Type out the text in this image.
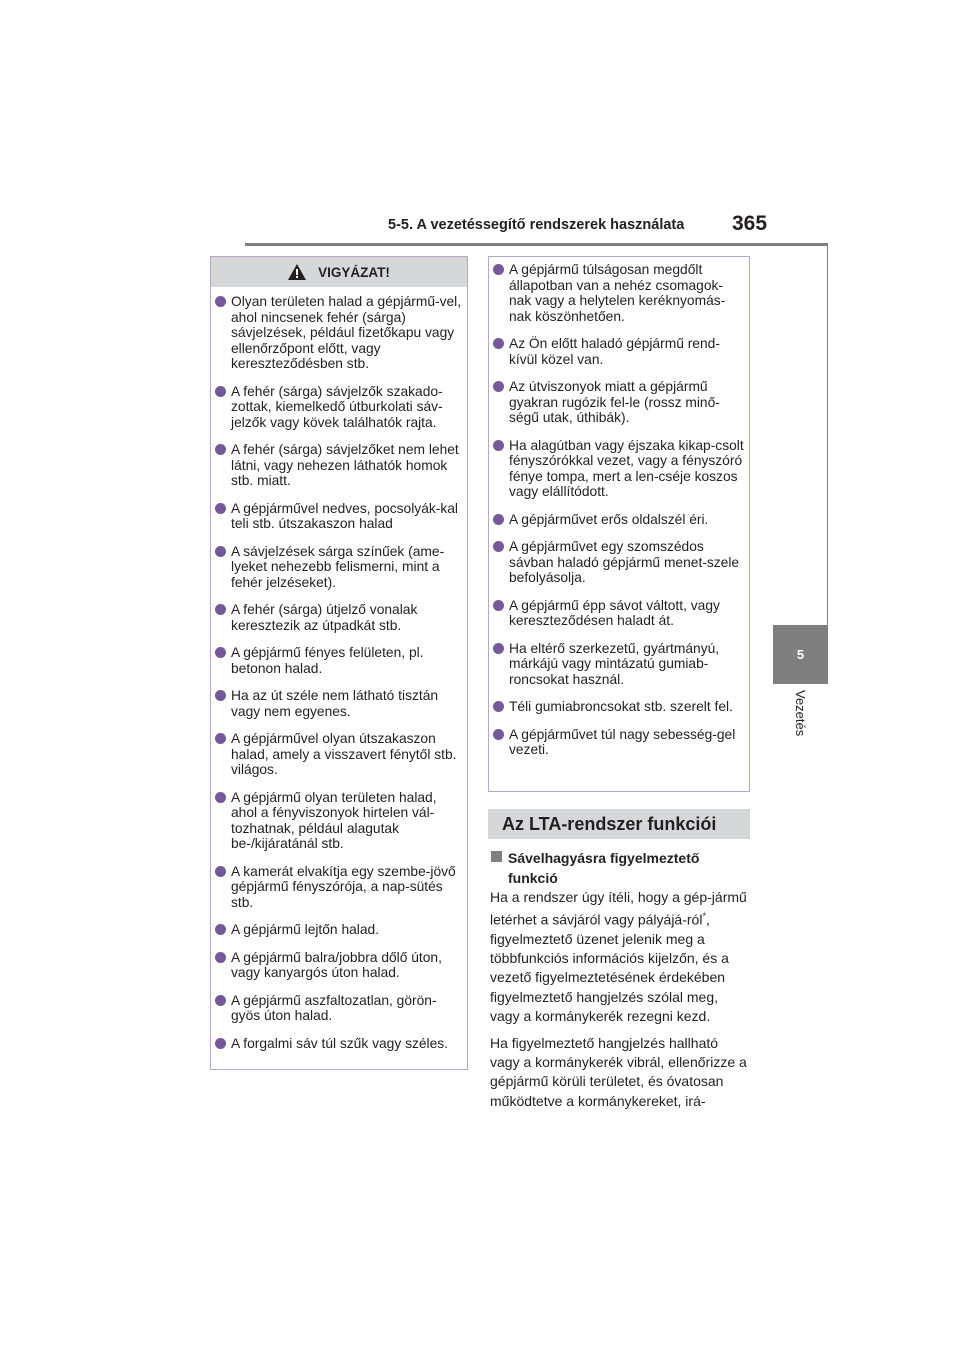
5-5. A vezetéssegítő rendszerek használata 365
5
Vezetés
VIGYÁZAT!
Olyan területen halad a gépjármű-vel, ahol nincsenek fehér (sárga) sávjelzések, például fizetőkapu vagy ellenőrzőpont előtt, vagy kereszteződésben stb.
A fehér (sárga) sávjelzők szakado-zottak, kiemelkedő útburkolati sáv-jelzők vagy kövek találhatók rajta.
A fehér (sárga) sávjelzőket nem lehet látni, vagy nehezen láthatók homok stb. miatt.
A gépjárművel nedves, pocsolyák-kal teli stb. útszakaszon halad
A sávjelzések sárga színűek (ame-lyeket nehezebb felismerni, mint a fehér jelzéseket).
A fehér (sárga) útjelző vonalak keresztezik az útpadkát stb.
A gépjármű fényes felületen, pl. betonon halad.
Ha az út széle nem látható tisztán vagy nem egyenes.
A gépjárművel olyan útszakaszon halad, amely a visszavert fénytől stb. világos.
A gépjármű olyan területen halad, ahol a fényviszonyok hirtelen vál-tozhatnak, például alagutak be-/kijáratánál stb.
A kamerát elvakítja egy szembe-jövő gépjármű fényszórója, a nap-sütés stb.
A gépjármű lejtőn halad.
A gépjármű balra/jobbra dőlő úton, vagy kanyargós úton halad.
A gépjármű aszfaltozatlan, görön-gyös úton halad.
A forgalmi sáv túl szűk vagy széles.
A gépjármű túlságosan megdőlt állapotban van a nehéz csomagok-nak vagy a helytelen keréknyomás-nak köszönhetően.
Az Ön előtt haladó gépjármű rend-kívül közel van.
Az útviszonyok miatt a gépjármű gyakran rugózik fel-le (rossz minő-ségű utak, úthibák).
Ha alagútban vagy éjszaka kikap-csolt fényszórókkal vezet, vagy a fényszóró fénye tompa, mert a len-cséje koszos vagy elállítódott.
A gépjárművet erős oldalszél éri.
A gépjárművet egy szomszédos sávban haladó gépjármű menet-szele befolyásolja.
A gépjármű épp sávot váltott, vagy kereszteződésen haladt át.
Ha eltérő szerkezetű, gyártmányú, márkájú vagy mintázatú gumiab-roncsokat használ.
Téli gumiabroncsokat stb. szerelt fel.
A gépjárművet túl nagy sebesség-gel vezeti.
Az LTA-rendszer funkciói
Sávelhagyásra figyelmeztető funkció

Ha a rendszer úgy ítéli, hogy a gép-jármű letérhet a sávjáról vagy pályájá-ról*, figyelmeztető üzenet jelenik meg a többfunkciós információs kijelzőn, és a vezető figyelmeztetésének érdekében figyelmeztető hangjelzés szólal meg, vagy a kormánykerék rezegni kezd.

Ha figyelmeztető hangjelzés hallható vagy a kormánykerék vibrál, ellenőrizze a gépjármű körüli területet, és óvatosan működtetve a kormánykereket, irá-
